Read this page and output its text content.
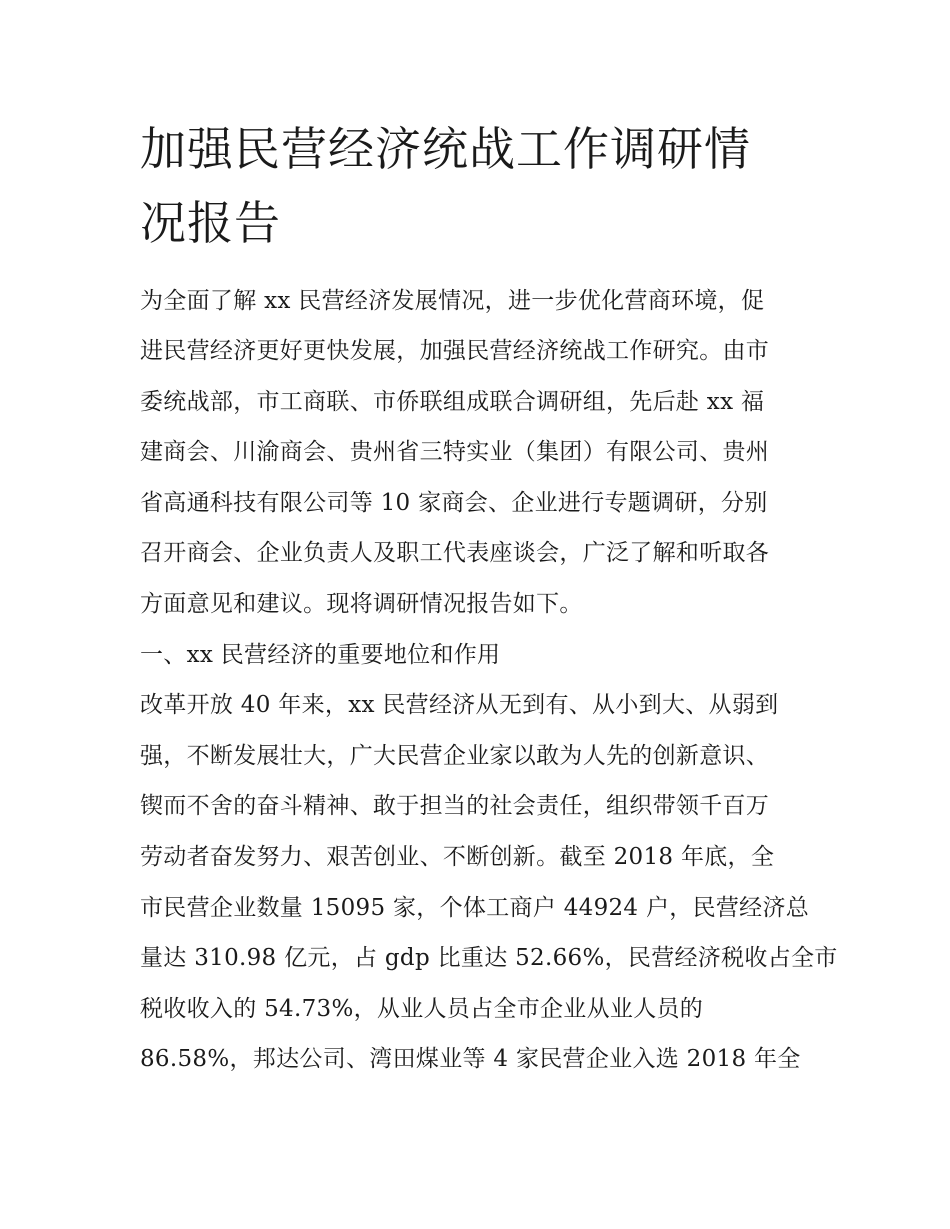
加强民营经济统战工作调研情
况报告

为全面了解 xx 民营经济发展情况，进一步优化营商环境，促

进民营经济更好更快发展，加强民营经济统战工作研究。由市

委统战部，市工商联、市侨联组成联合调研组，先后赴 xx 福

建商会、川渝商会、贵州省三特实业（集团）有限公司、贵州

省高通科技有限公司等 10 家商会、企业进行专题调研，分别

召开商会、企业负责人及职工代表座谈会，广泛了解和听取各

方面意见和建议。现将调研情况报告如下。

一、xx 民营经济的重要地位和作用

改革开放 40 年来，xx 民营经济从无到有、从小到大、从弱到

强，不断发展壮大，广大民营企业家以敢为人先的创新意识、

锲而不舍的奋斗精神、敢于担当的社会责任，组织带领千百万

劳动者奋发努力、艰苦创业、不断创新。截至 2018 年底，全

市民营企业数量 15095 家，个体工商户 44924 户，民营经济总

量达 310.98 亿元，占 gdp 比重达 52.66%，民营经济税收占全市

税收收入的 54.73%，从业人员占全市企业从业人员的

86.58%，邦达公司、湾田煤业等 4 家民营企业入选 2018 年全
